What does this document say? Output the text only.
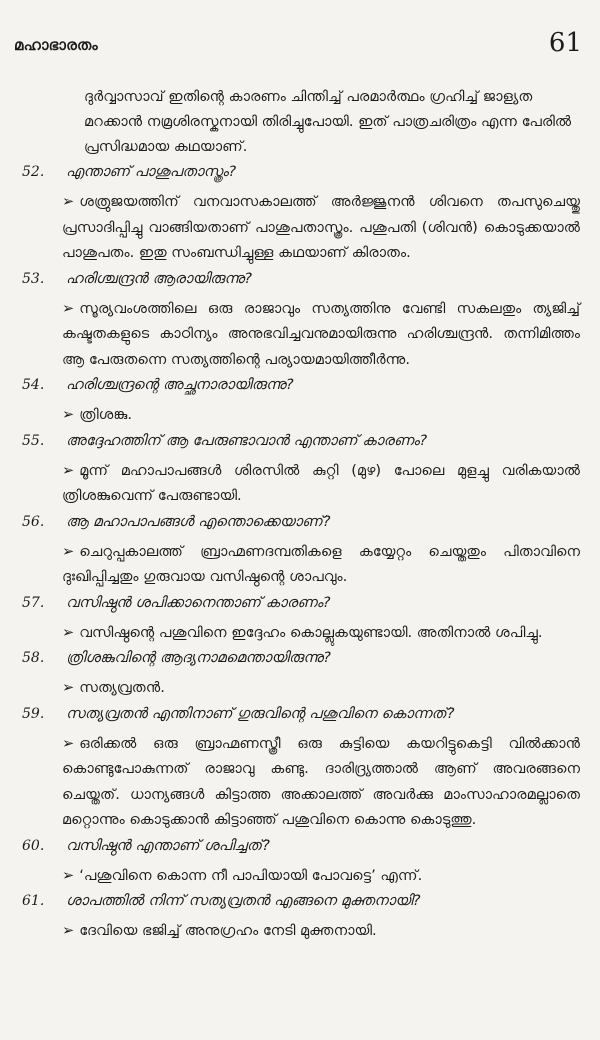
മഹാഭാരതം	61
ദുർവ്വാസാവ് ഇതിന്റെ കാരണം ചിന്തിച്ച് പരമാർത്ഥം ഗ്രഹിച്ച് ജാള്യത മറക്കാൻ നമ്രശിരസ്കനായി തിരിച്ചുപോയി. ഇത് പാത്രചരിത്രം എന്ന പേരിൽ പ്രസിദ്ധമായ കഥയാണ്.
52.	എന്താണ് പാശുപതാസ്ത്രം?
➢ ശത്രുജയത്തിന് വനവാസകാലത്ത് അർജ്ജുനൻ ശിവനെ തപസുചെയ്തു പ്രസാദിപ്പിച്ചു വാങ്ങിയതാണ് പാശുപതാസ്ത്രം. പശുപതി (ശിവൻ) കൊടുക്കയാൽ പാശുപതം. ഇതു സംബന്ധിച്ചുള്ള കഥയാണ് കിരാതം.
53.	ഹരിശ്ചന്ദ്രൻ ആരായിരുന്നു?
➢ സൂര്യവംശത്തിലെ ഒരു രാജാവും സത്യത്തിനു വേണ്ടി സകലതും ത്യജിച്ച് കഷ്ടതകളുടെ കാഠിന്യം അനുഭവിച്ചവനുമായിരുന്നു ഹരിശ്ചന്ദ്രൻ. തന്നിമിത്തം ആ പേരുതന്നെ സത്യത്തിന്റെ പര്യായമായിത്തീർന്നു.
54.	ഹരിശ്ചന്ദ്രന്റെ അച്ഛനാരായിരുന്നു?
➢ ത്രിശങ്കു.
55.	അദ്ദേഹത്തിന് ആ പേരുണ്ടാവാൻ എന്താണ് കാരണം?
➢ മൂന്ന് മഹാപാപങ്ങൾ ശിരസിൽ കുറ്റി (മുഴ) പോലെ മുളച്ചു വരികയാൽ ത്രിശങ്കുവെന്ന് പേരുണ്ടായി.
56.	ആ മഹാപാപങ്ങൾ എന്തൊക്കെയാണ്?
➢ ചെറുപ്പകാലത്ത് ബ്രാഹ്മണദമ്പതികളെ കയ്യേറ്റം ചെയ്തതും പിതാവിനെ ദുഃഖിപ്പിച്ചതും ഗുരുവായ വസിഷ്ഠന്റെ ശാപവും.
57.	വസിഷ്ഠൻ ശപിക്കാനെന്താണ് കാരണം?
➢ വസിഷ്ഠന്റെ പശുവിനെ ഇദ്ദേഹം കൊല്ലുകയുണ്ടായി. അതിനാൽ ശപിച്ചു.
58.	ത്രിശങ്കുവിന്റെ ആദ്യനാമമെന്തായിരുന്നു?
➢ സത്യവ്രതൻ.
59.	സത്യവ്രതൻ എന്തിനാണ് ഗുരുവിന്റെ പശുവിനെ കൊന്നത്?
➢ ഒരിക്കൽ ഒരു ബ്രാഹ്മണസ്ത്രീ ഒരു കുട്ടിയെ കയറിട്ടുകെട്ടി വിൽക്കാൻ കൊണ്ടുപോകുന്നത് രാജാവു കണ്ടു. ദാരിദ്ര്യത്താൽ ആണ് അവരങ്ങനെ ചെയ്തത്. ധാന്യങ്ങൾ കിട്ടാത്ത അക്കാലത്ത് അവർക്കു മാംസാഹാരമല്ലാതെ മറ്റൊന്നും കൊടുക്കാൻ കിട്ടാഞ്ഞ് പശുവിനെ കൊന്നു കൊടുത്തു.
60.	വസിഷ്ഠൻ എന്താണ് ശപിച്ചത്?
➢ ‘പശുവിനെ കൊന്ന നീ പാപിയായി പോവട്ടെ’ എന്ന്.
61.	ശാപത്തിൽ നിന്ന് സത്യവ്രതൻ എങ്ങനെ മുക്തനായി?
➢ ദേവിയെ ഭജിച്ച് അനുഗ്രഹം നേടി മുക്തനായി.
